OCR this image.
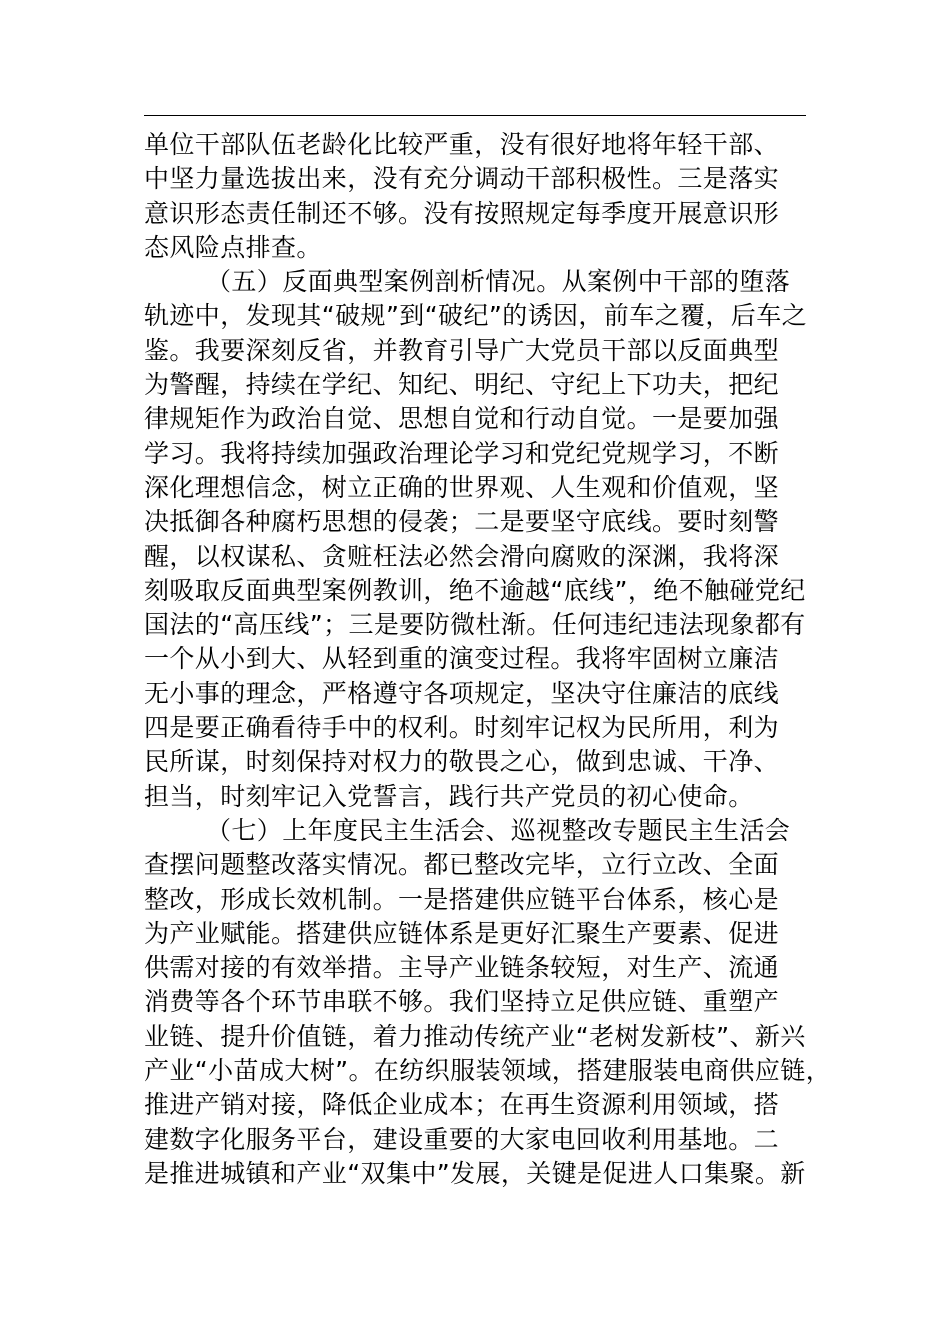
单位干部队伍老龄化比较严重，没有很好地将年轻干部、
中坚力量选拔出来，没有充分调动干部积极性。三是落实
意识形态责任制还不够。没有按照规定每季度开展意识形
态风险点排查。
（五）反面典型案例剖析情况。从案例中干部的堕落
轨迹中，发现其“破规”到“破纪”的诱因，前车之覆，后车之
鉴。我要深刻反省，并教育引导广大党员干部以反面典型
为警醒，持续在学纪、知纪、明纪、守纪上下功夫，把纪
律规矩作为政治自觉、思想自觉和行动自觉。一是要加强
学习。我将持续加强政治理论学习和党纪党规学习，不断
深化理想信念，树立正确的世界观、人生观和价值观，坚
决抵御各种腐朽思想的侵袭；二是要坚守底线。要时刻警
醒，以权谋私、贪赃枉法必然会滑向腐败的深渊，我将深
刻吸取反面典型案例教训，绝不逾越“底线”，绝不触碰党纪
国法的“高压线”；三是要防微杜渐。任何违纪违法现象都有
一个从小到大、从轻到重的演变过程。我将牢固树立廉洁
无小事的理念，严格遵守各项规定，坚决守住廉洁的底线
四是要正确看待手中的权利。时刻牢记权为民所用，利为
民所谋，时刻保持对权力的敬畏之心，做到忠诚、干净、
担当，时刻牢记入党誓言，践行共产党员的初心使命。
（七）上年度民主生活会、巡视整改专题民主生活会
查摆问题整改落实情况。都已整改完毕，立行立改、全面
整改，形成长效机制。一是搭建供应链平台体系，核心是
为产业赋能。搭建供应链体系是更好汇聚生产要素、促进
供需对接的有效举措。主导产业链条较短，对生产、流通
消费等各个环节串联不够。我们坚持立足供应链、重塑产
业链、提升价值链，着力推动传统产业“老树发新枝”、新兴
产业“小苗成大树”。在纺织服装领域，搭建服装电商供应链，
推进产销对接，降低企业成本；在再生资源利用领域，搭
建数字化服务平台，建设重要的大家电回收利用基地。二
是推进城镇和产业“双集中”发展，关键是促进人口集聚。新
